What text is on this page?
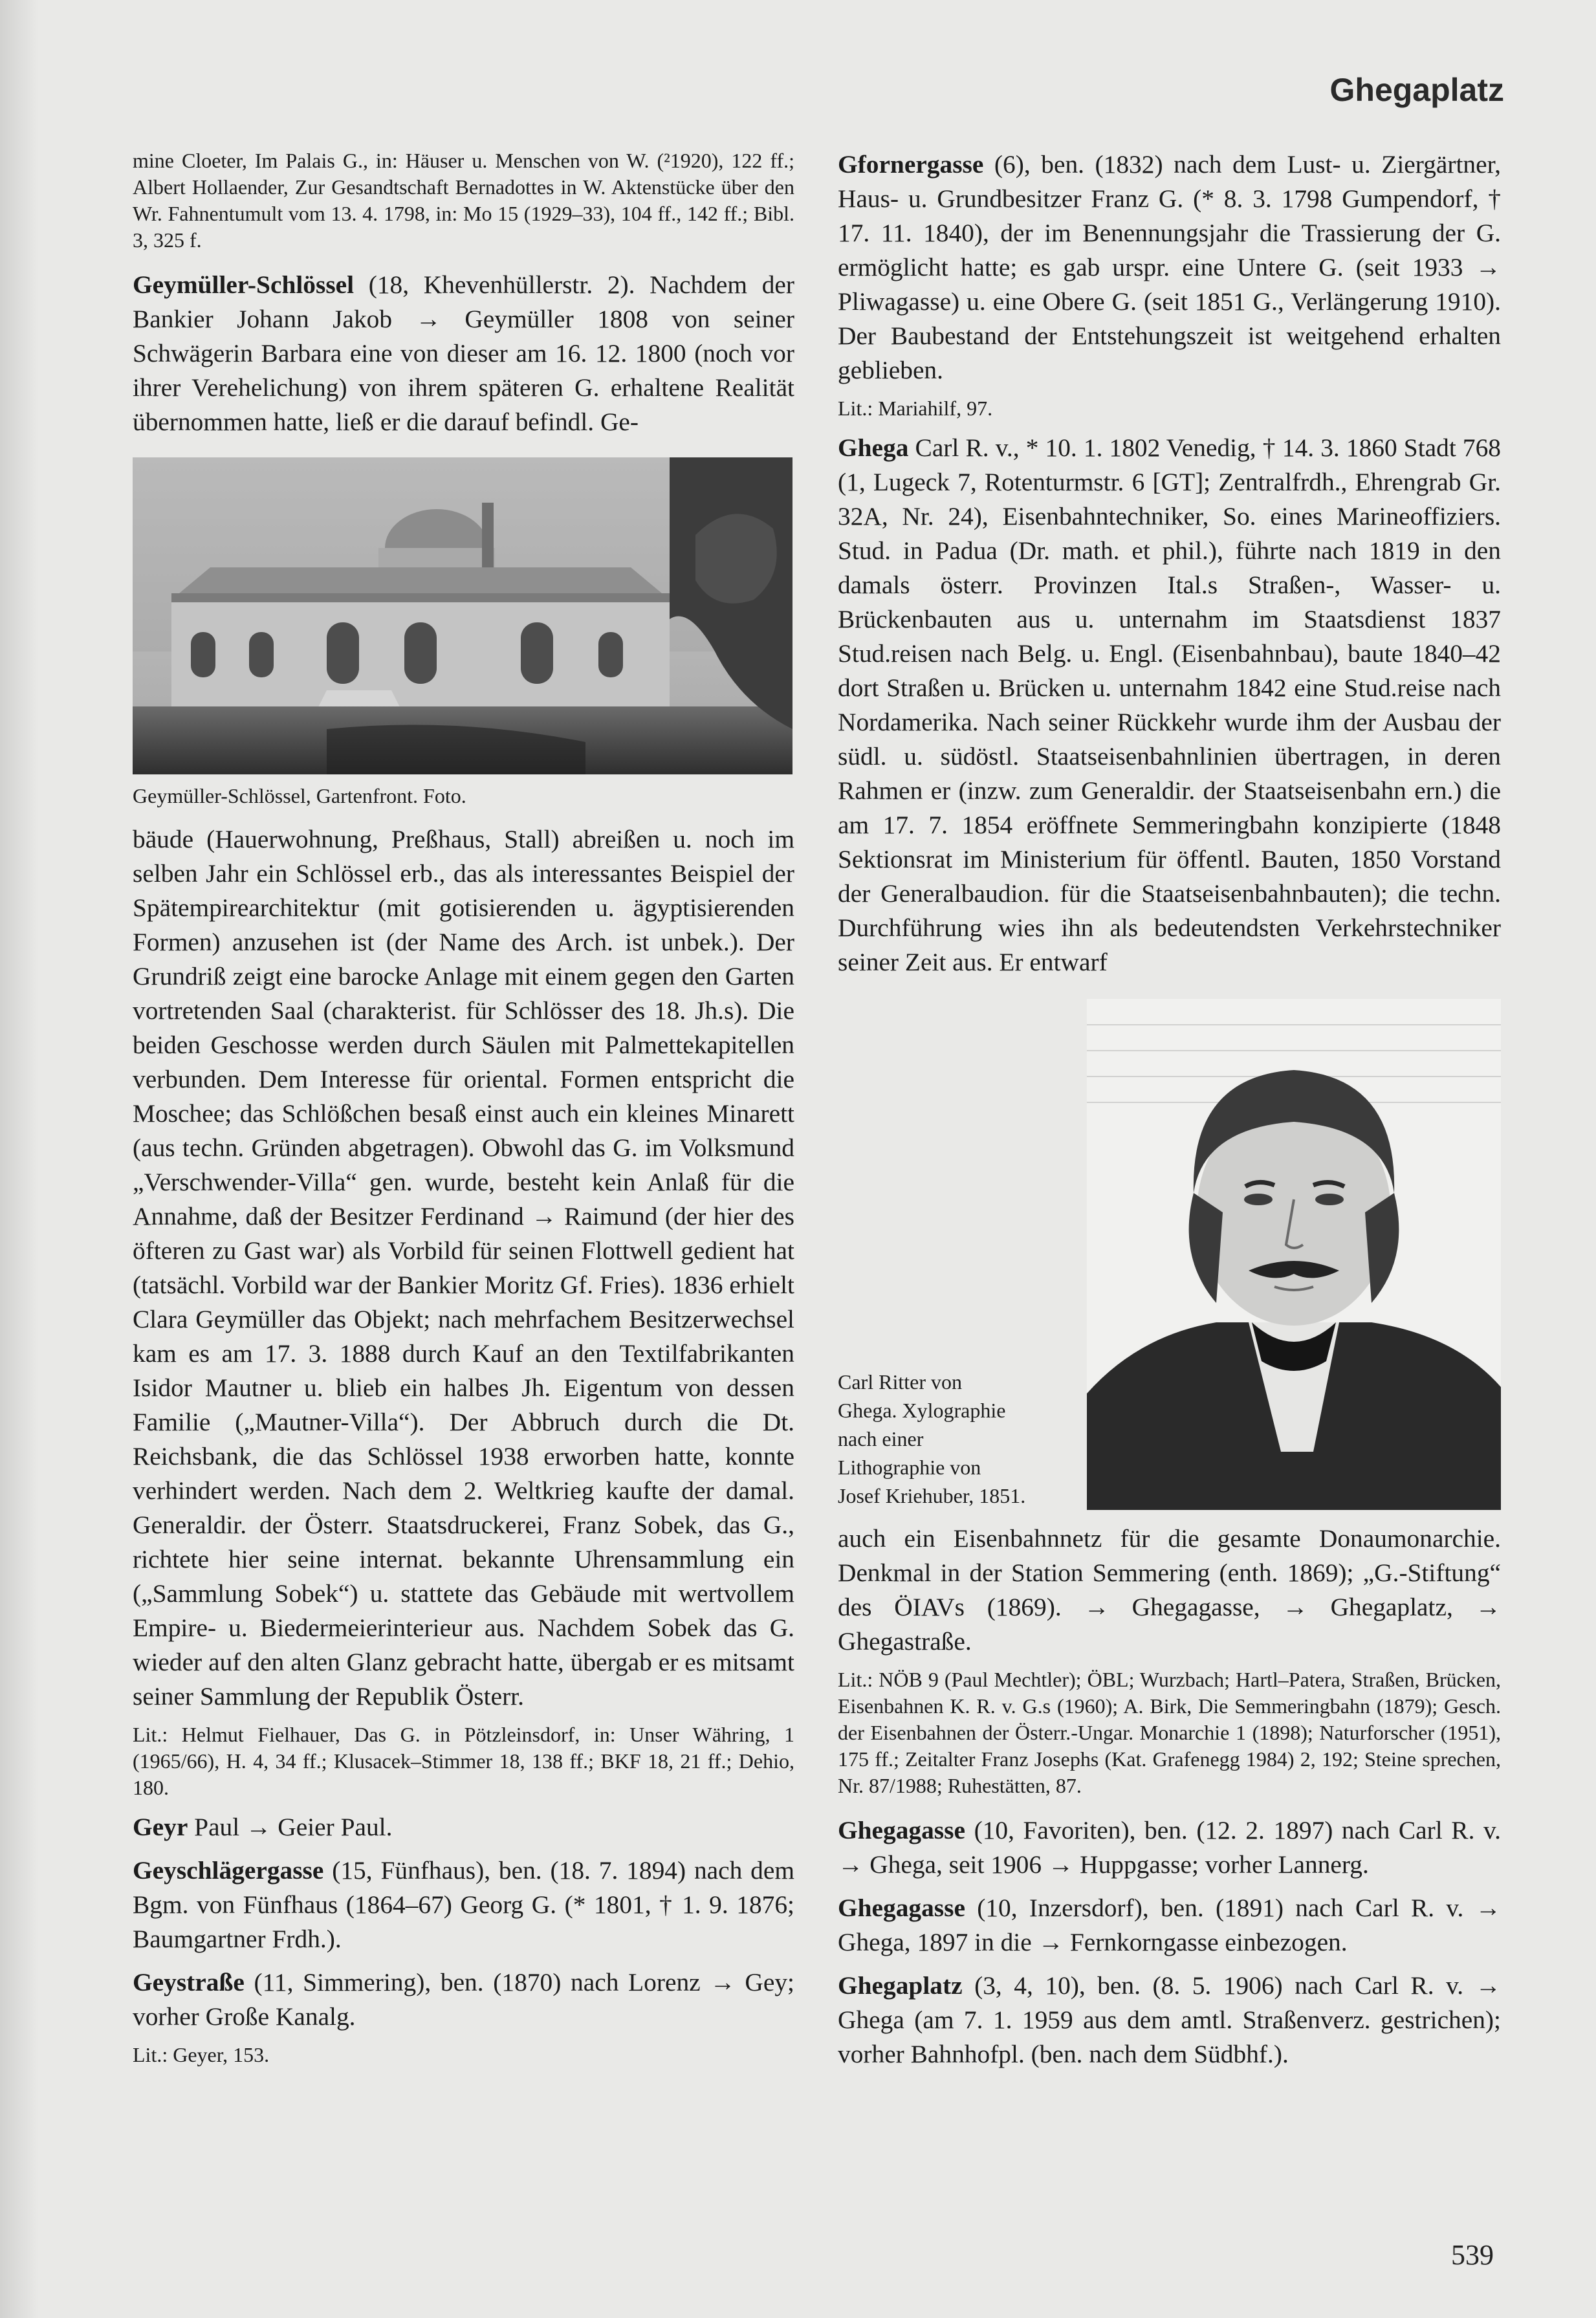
Ghegaplatz

mine Cloeter, Im Palais G., in: Häuser u. Menschen von W. (²1920), 122 ff.; Albert Hollaender, Zur Gesandtschaft Bernadottes in W. Aktenstücke über den Wr. Fahnentumult vom 13. 4. 1798, in: Mo 15 (1929–33), 104 ff., 142 ff.; Bibl. 3, 325 f.

Geymüller-Schlössel (18, Khevenhüllerstr. 2). Nachdem der Bankier Johann Jakob → Geymüller 1808 von seiner Schwägerin Barbara eine von dieser am 16. 12. 1800 (noch vor ihrer Verehelichung) von ihrem späteren G. erhaltene Realität übernommen hatte, ließ er die darauf befindl. Ge-

Geymüller-Schlössel, Gartenfront. Foto.

bäude (Hauerwohnung, Preßhaus, Stall) abreißen u. noch im selben Jahr ein Schlössel erb., das als interessantes Beispiel der Spätempirearchitektur (mit gotisierenden u. ägyptisierenden Formen) anzusehen ist (der Name des Arch. ist unbek.). Der Grundriß zeigt eine barocke Anlage mit einem gegen den Garten vortretenden Saal (charakterist. für Schlösser des 18. Jh.s). Die beiden Geschosse werden durch Säulen mit Palmettekapitellen verbunden. Dem Interesse für oriental. Formen entspricht die Moschee; das Schlößchen besaß einst auch ein kleines Minarett (aus techn. Gründen abgetragen). Obwohl das G. im Volksmund „Verschwender-Villa“ gen. wurde, besteht kein Anlaß für die Annahme, daß der Besitzer Ferdinand → Raimund (der hier des öfteren zu Gast war) als Vorbild für seinen Flottwell gedient hat (tatsächl. Vorbild war der Bankier Moritz Gf. Fries). 1836 erhielt Clara Geymüller das Objekt; nach mehrfachem Besitzerwechsel kam es am 17. 3. 1888 durch Kauf an den Textilfabrikanten Isidor Mautner u. blieb ein halbes Jh. Eigentum von dessen Familie („Mautner-Villa“). Der Abbruch durch die Dt. Reichsbank, die das Schlössel 1938 erworben hatte, konnte verhindert werden. Nach dem 2. Weltkrieg kaufte der damal. Generaldir. der Österr. Staatsdruckerei, Franz Sobek, das G., richtete hier seine internat. bekannte Uhrensammlung ein („Sammlung Sobek“) u. stattete das Gebäude mit wertvollem Empire- u. Biedermeierinterieur aus. Nachdem Sobek das G. wieder auf den alten Glanz gebracht hatte, übergab er es mitsamt seiner Sammlung der Republik Österr.

Lit.: Helmut Fielhauer, Das G. in Pötzleinsdorf, in: Unser Währing, 1 (1965/66), H. 4, 34 ff.; Klusacek–Stimmer 18, 138 ff.; BKF 18, 21 ff.; Dehio, 180.

Geyr Paul → Geier Paul.

Geyschlägergasse (15, Fünfhaus), ben. (18. 7. 1894) nach dem Bgm. von Fünfhaus (1864–67) Georg G. (* 1801, † 1. 9. 1876; Baumgartner Frdh.).

Geystraße (11, Simmering), ben. (1870) nach Lorenz → Gey; vorher Große Kanalg.

Lit.: Geyer, 153.

Gfornergasse (6), ben. (1832) nach dem Lust- u. Ziergärtner, Haus- u. Grundbesitzer Franz G. (* 8. 3. 1798 Gumpendorf, † 17. 11. 1840), der im Benennungsjahr die Trassierung der G. ermöglicht hatte; es gab urspr. eine Untere G. (seit 1933 → Pliwagasse) u. eine Obere G. (seit 1851 G., Verlängerung 1910). Der Baubestand der Entstehungszeit ist weitgehend erhalten geblieben.

Lit.: Mariahilf, 97.

Ghega Carl R. v., * 10. 1. 1802 Venedig, † 14. 3. 1860 Stadt 768 (1, Lugeck 7, Rotenturmstr. 6 [GT]; Zentralfrdh., Ehrengrab Gr. 32A, Nr. 24), Eisenbahntechniker, So. eines Marineoffiziers. Stud. in Padua (Dr. math. et phil.), führte nach 1819 in den damals österr. Provinzen Ital.s Straßen-, Wasser- u. Brückenbauten aus u. unternahm im Staatsdienst 1837 Stud.reisen nach Belg. u. Engl. (Eisenbahnbau), baute 1840–42 dort Straßen u. Brücken u. unternahm 1842 eine Stud.reise nach Nordamerika. Nach seiner Rückkehr wurde ihm der Ausbau der südl. u. südöstl. Staatseisenbahnlinien übertragen, in deren Rahmen er (inzw. zum Generaldir. der Staatseisenbahn ern.) die am 17. 7. 1854 eröffnete Semmeringbahn konzipierte (1848 Sektionsrat im Ministerium für öffentl. Bauten, 1850 Vorstand der Generalbaudion. für die Staatseisenbahnbauten); die techn. Durchführung wies ihn als bedeutendsten Verkehrstechniker seiner Zeit aus. Er entwarf

Carl Ritter von
Ghega. Xylographie
nach einer
Lithographie von
Josef Kriehuber, 1851.

auch ein Eisenbahnnetz für die gesamte Donaumonarchie. Denkmal in der Station Semmering (enth. 1869); „G.-Stiftung“ des ÖIAVs (1869). → Ghegagasse, → Ghegaplatz, → Ghegastraße.

Lit.: NÖB 9 (Paul Mechtler); ÖBL; Wurzbach; Hartl–Patera, Straßen, Brücken, Eisenbahnen K. R. v. G.s (1960); A. Birk, Die Semmeringbahn (1879); Gesch. der Eisenbahnen der Österr.-Ungar. Monarchie 1 (1898); Naturforscher (1951), 175 ff.; Zeitalter Franz Josephs (Kat. Grafenegg 1984) 2, 192; Steine sprechen, Nr. 87/1988; Ruhestätten, 87.

Ghegagasse (10, Favoriten), ben. (12. 2. 1897) nach Carl R. v. → Ghega, seit 1906 → Huppgasse; vorher Lannerg.

Ghegagasse (10, Inzersdorf), ben. (1891) nach Carl R. v. → Ghega, 1897 in die → Fernkorngasse einbezogen.

Ghegaplatz (3, 4, 10), ben. (8. 5. 1906) nach Carl R. v. → Ghega (am 7. 1. 1959 aus dem amtl. Straßenverz. gestrichen); vorher Bahnhofpl. (ben. nach dem Südbhf.).

539
